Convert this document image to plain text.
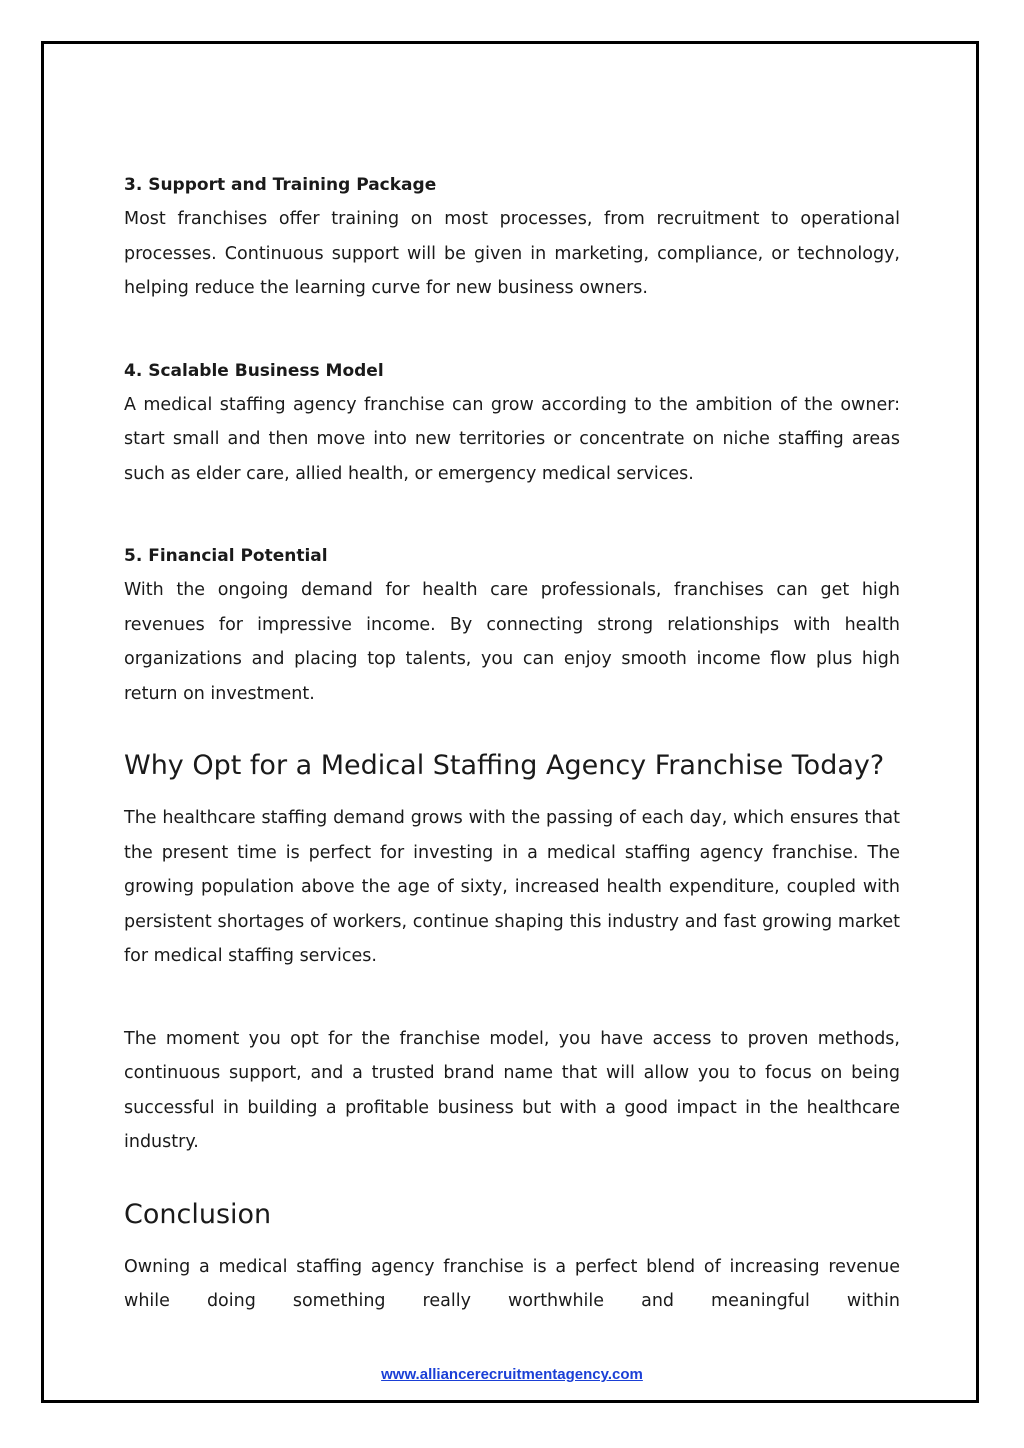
3. Support and Training Package

Most franchises offer training on most processes, from recruitment to operational processes. Continuous support will be given in marketing, compliance, or technology, helping reduce the learning curve for new business owners.

4. Scalable Business Model

A medical staffing agency franchise can grow according to the ambition of the owner: start small and then move into new territories or concentrate on niche staffing areas such as elder care, allied health, or emergency medical services.

5. Financial Potential

With the ongoing demand for health care professionals, franchises can get high revenues for impressive income. By connecting strong relationships with health organizations and placing top talents, you can enjoy smooth income flow plus high return on investment.

Why Opt for a Medical Staffing Agency Franchise Today?

The healthcare staffing demand grows with the passing of each day, which ensures that the present time is perfect for investing in a medical staffing agency franchise. The growing population above the age of sixty, increased health expenditure, coupled with persistent shortages of workers, continue shaping this industry and fast growing market for medical staffing services.

The moment you opt for the franchise model, you have access to proven methods, continuous support, and a trusted brand name that will allow you to focus on being successful in building a profitable business but with a good impact in the healthcare industry.

Conclusion

Owning a medical staffing agency franchise is a perfect blend of increasing revenue while doing something really worthwhile and meaningful within

www.alliancerecruitmentagency.com
